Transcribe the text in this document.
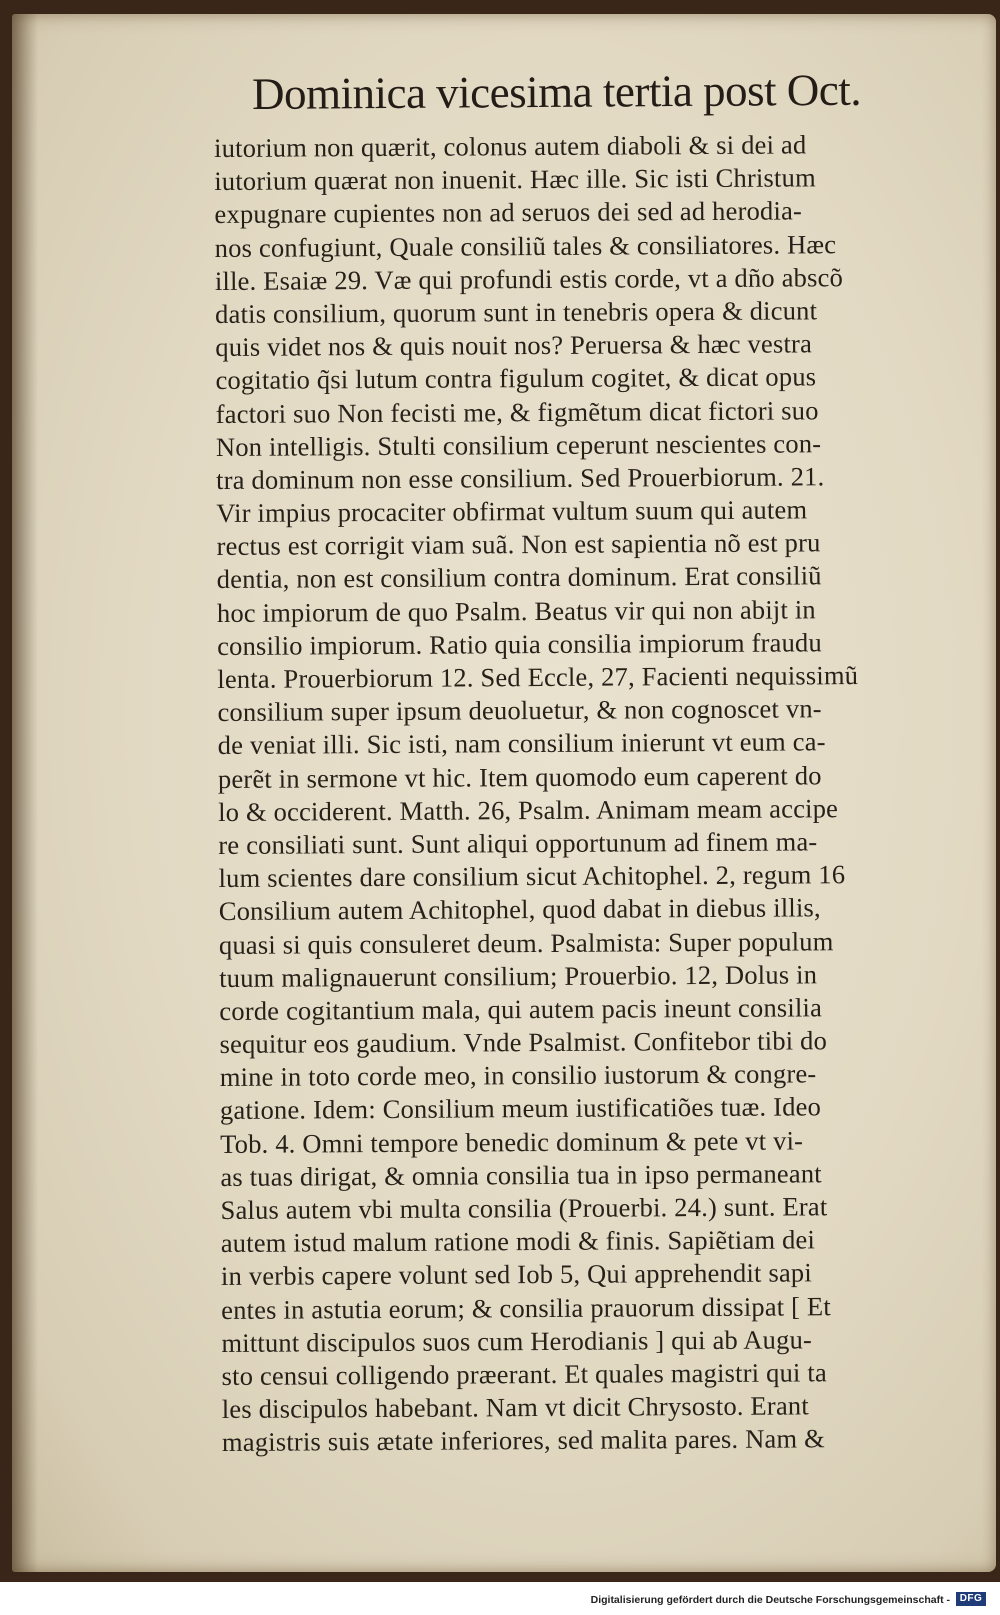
Dominica vicesima tertia post Oct.
iutorium non quærit, colonus autem diaboli & si dei ad
iutorium quærat non inuenit. Hæc ille. Sic isti Christum
expugnare cupientes non ad seruos dei sed ad herodia-
nos confugiunt, Quale consiliũ tales & consiliatores. Hæc
ille. Esaiæ 29. Væ qui profundi estis corde, vt a dño abscõ
datis consilium, quorum sunt in tenebris opera & dicunt
quis videt nos & quis nouit nos? Peruersa & hæc vestra
cogitatio q̃si lutum contra figulum cogitet, & dicat opus
factori suo Non fecisti me, & figmẽtum dicat fictori suo
Non intelligis. Stulti consilium ceperunt nescientes con-
tra dominum non esse consilium. Sed Prouerbiorum. 21.
Vir impius procaciter obfirmat vultum suum qui autem
rectus est corrigit viam suã. Non est sapientia nõ est pru
dentia, non est consilium contra dominum. Erat consiliũ
hoc impiorum de quo Psalm. Beatus vir qui non abijt in
consilio impiorum. Ratio quia consilia impiorum fraudu
lenta. Prouerbiorum 12. Sed Eccle, 27, Facienti nequissimũ
consilium super ipsum deuoluetur, & non cognoscet vn-
de veniat illi. Sic isti, nam consilium inierunt vt eum ca-
perẽt in sermone vt hic. Item quomodo eum caperent do
lo & occiderent. Matth. 26, Psalm. Animam meam accipe
re consiliati sunt. Sunt aliqui opportunum ad finem ma-
lum scientes dare consilium sicut Achitophel. 2, regum 16
Consilium autem Achitophel, quod dabat in diebus illis,
quasi si quis consuleret deum. Psalmista: Super populum
tuum malignauerunt consilium; Prouerbio. 12, Dolus in
corde cogitantium mala, qui autem pacis ineunt consilia
sequitur eos gaudium. Vnde Psalmist. Confitebor tibi do
mine in toto corde meo, in consilio iustorum & congre-
gatione. Idem: Consilium meum iustificatiões tuæ. Ideo
Tob. 4. Omni tempore benedic dominum & pete vt vi-
as tuas dirigat, & omnia consilia tua in ipso permaneant
Salus autem vbi multa consilia (Prouerbi. 24.) sunt. Erat
autem istud malum ratione modi & finis. Sapiẽtiam dei
in verbis capere volunt sed Iob 5, Qui apprehendit sapi
entes in astutia eorum; & consilia prauorum dissipat [ Et
mittunt discipulos suos cum Herodianis ] qui ab Augu-
sto censui colligendo præerant. Et quales magistri qui ta
les discipulos habebant. Nam vt dicit Chrysosto. Erant
magistris suis ætate inferiores, sed malita pares. Nam &
Digitalisierung gefördert durch die Deutsche Forschungsgemeinschaft - DFG
